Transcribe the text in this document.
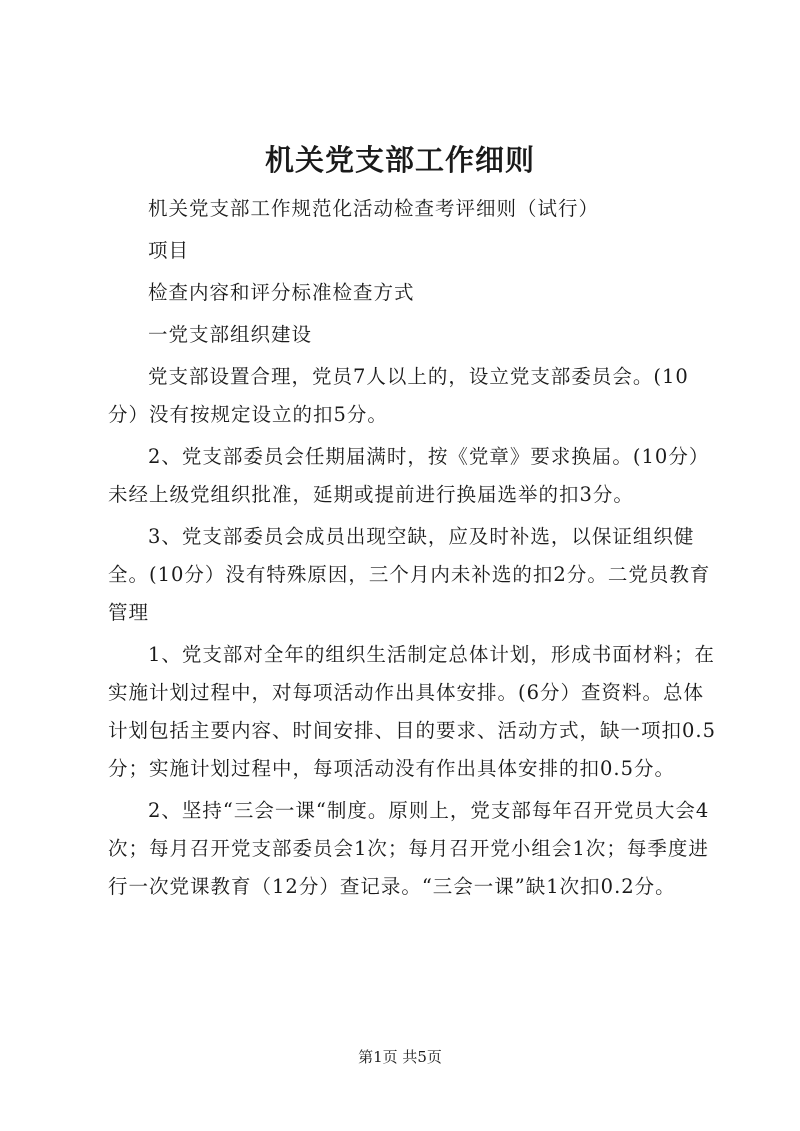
机关党支部工作细则

机关党支部工作规范化活动检查考评细则（试行）

项目

检查内容和评分标准检查方式

一党支部组织建设

党支部设置合理，党员7人以上的，设立党支部委员会。(10分）没有按规定设立的扣5分。

2、党支部委员会任期届满时，按《党章》要求换届。(10分）未经上级党组织批准，延期或提前进行换届选举的扣3分。

3、党支部委员会成员出现空缺，应及时补选，以保证组织健全。(10分）没有特殊原因，三个月内未补选的扣2分。二党员教育管理

1、党支部对全年的组织生活制定总体计划，形成书面材料；在实施计划过程中，对每项活动作出具体安排。(6分）查资料。总体计划包括主要内容、时间安排、目的要求、活动方式，缺一项扣0.5分；实施计划过程中，每项活动没有作出具体安排的扣0.5分。

2、坚持“三会一课“制度。原则上，党支部每年召开党员大会4次；每月召开党支部委员会1次；每月召开党小组会1次；每季度进行一次党课教育（12分）查记录。“三会一课”缺1次扣0.2分。

第1页 共5页
